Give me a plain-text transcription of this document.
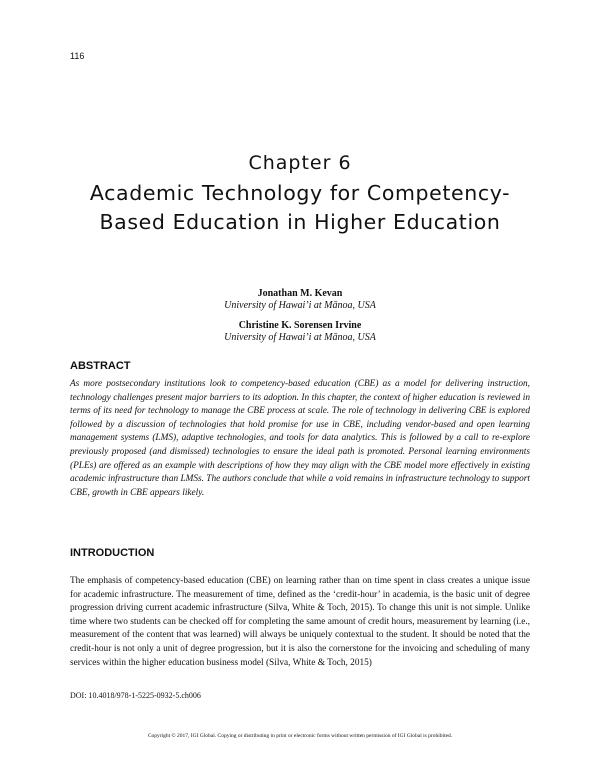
116
Chapter 6
Academic Technology for Competency-Based Education in Higher Education
Jonathan M. Kevan
University of Hawai’i at Mānoa, USA
Christine K. Sorensen Irvine
University of Hawai’i at Mānoa, USA
ABSTRACT
As more postsecondary institutions look to competency-based education (CBE) as a model for delivering instruction, technology challenges present major barriers to its adoption. In this chapter, the context of higher education is reviewed in terms of its need for technology to manage the CBE process at scale. The role of technology in delivering CBE is explored followed by a discussion of technologies that hold promise for use in CBE, including vendor-based and open learning management systems (LMS), adaptive technologies, and tools for data analytics. This is followed by a call to re-explore previously proposed (and dismissed) technologies to ensure the ideal path is promoted. Personal learning environments (PLEs) are offered as an example with descriptions of how they may align with the CBE model more effectively in existing academic infrastructure than LMSs. The authors conclude that while a void remains in infrastructure technology to support CBE, growth in CBE appears likely.
INTRODUCTION
The emphasis of competency-based education (CBE) on learning rather than on time spent in class creates a unique issue for academic infrastructure. The measurement of time, defined as the ‘credit-hour’ in academia, is the basic unit of degree progression driving current academic infrastructure (Silva, White & Toch, 2015). To change this unit is not simple. Unlike time where two students can be checked off for completing the same amount of credit hours, measurement by learning (i.e., measurement of the content that was learned) will always be uniquely contextual to the student. It should be noted that the credit-hour is not only a unit of degree progression, but it is also the cornerstone for the invoicing and scheduling of many services within the higher education business model (Silva, White & Toch, 2015)
DOI: 10.4018/978-1-5225-0932-5.ch006
Copyright © 2017, IGI Global. Copying or distributing in print or electronic forms without written permission of IGI Global is prohibited.
